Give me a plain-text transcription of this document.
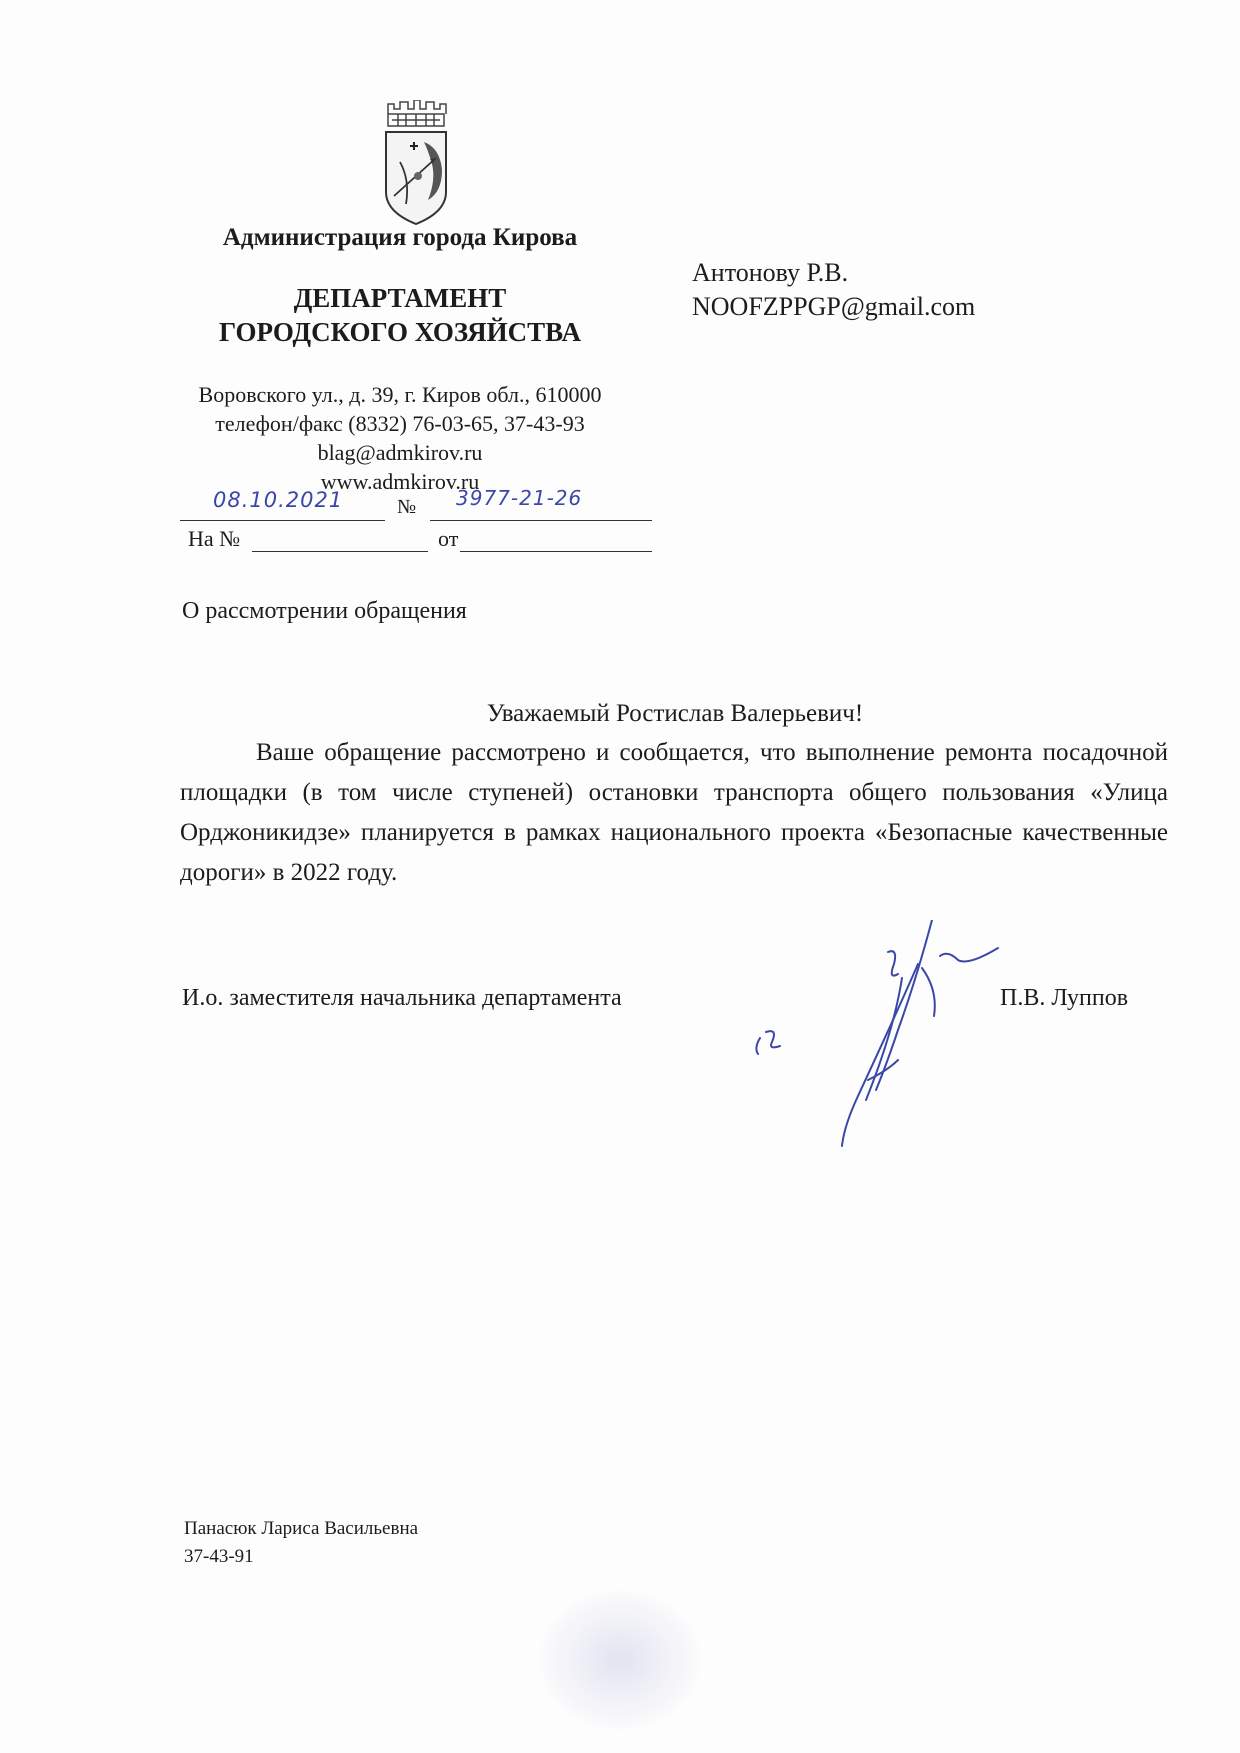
Администрация города Кирова
ДЕПАРТАМЕНТ
ГОРОДСКОГО ХОЗЯЙСТВА
Воровского ул., д. 39, г. Киров обл., 610000
телефон/факс (8332) 76-03-65, 37-43-93
blag@admkirov.ru
www.admkirov.ru
08.10.2021	№ 3977-21-26
На №	от
Антонову Р.В.
NOOFZPPGP@gmail.com
О рассмотрении обращения
Уважаемый Ростислав Валерьевич!
Ваше обращение рассмотрено и сообщается, что выполнение ремонта посадочной площадки (в том числе ступеней) остановки транспорта общего пользования «Улица Орджоникидзе» планируется в рамках национального проекта «Безопасные качественные дороги» в 2022 году.
И.о. заместителя начальника департамента	П.В. Луппов
Панасюк Лариса Васильевна
37-43-91
